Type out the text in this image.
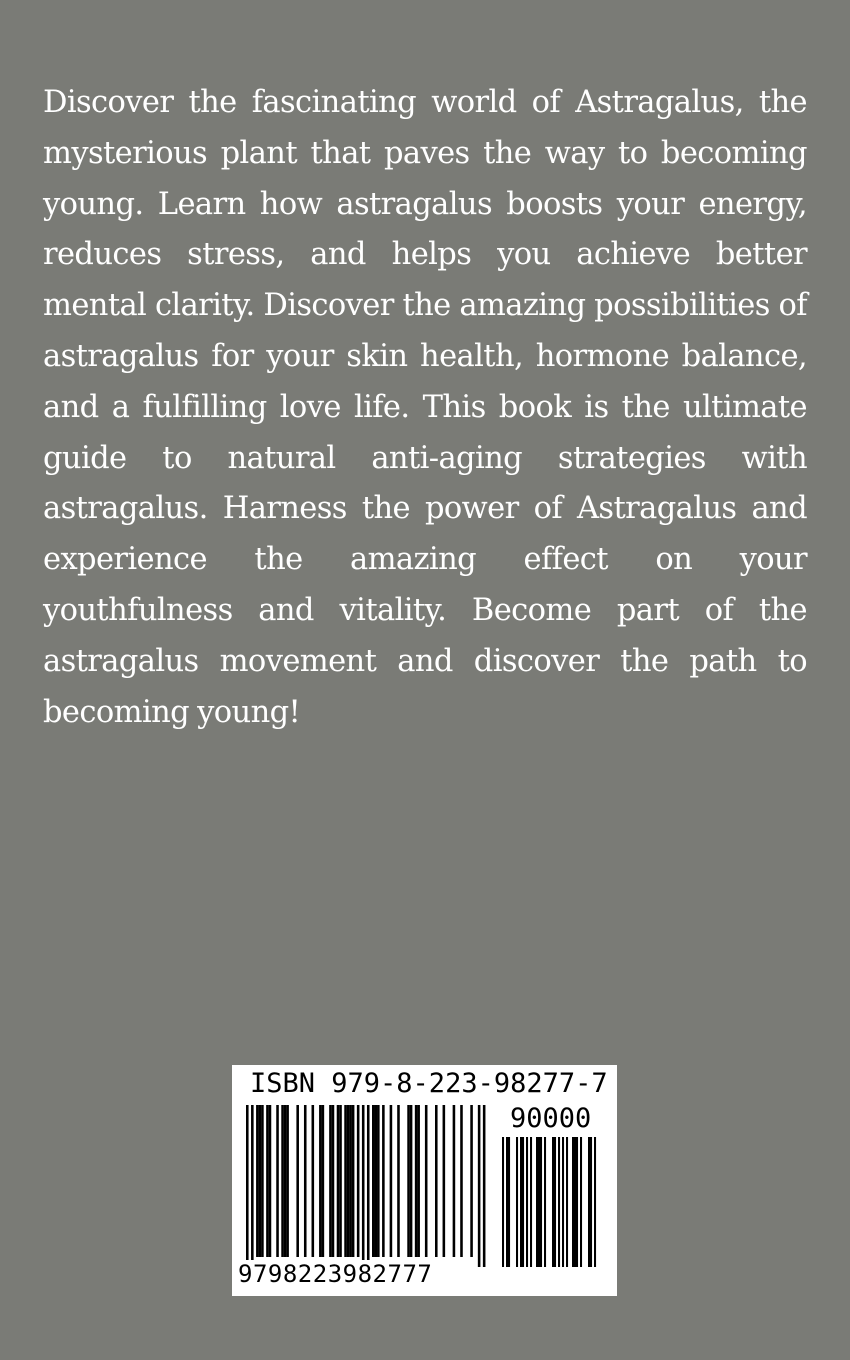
Discover the fascinating world of Astragalus, the mysterious plant that paves the way to becoming young. Learn how astragalus boosts your energy, reduces stress, and helps you achieve better mental clarity. Discover the amazing possibilities of astragalus for your skin health, hormone balance, and a fulfilling love life. This book is the ultimate guide to natural anti-aging strategies with astragalus. Harness the power of Astragalus and experience the amazing effect on your youthfulness and vitality. Become part of the astragalus movement and discover the path to becoming young!

ISBN 979-8-223-98277-7
90000
9798223982777
